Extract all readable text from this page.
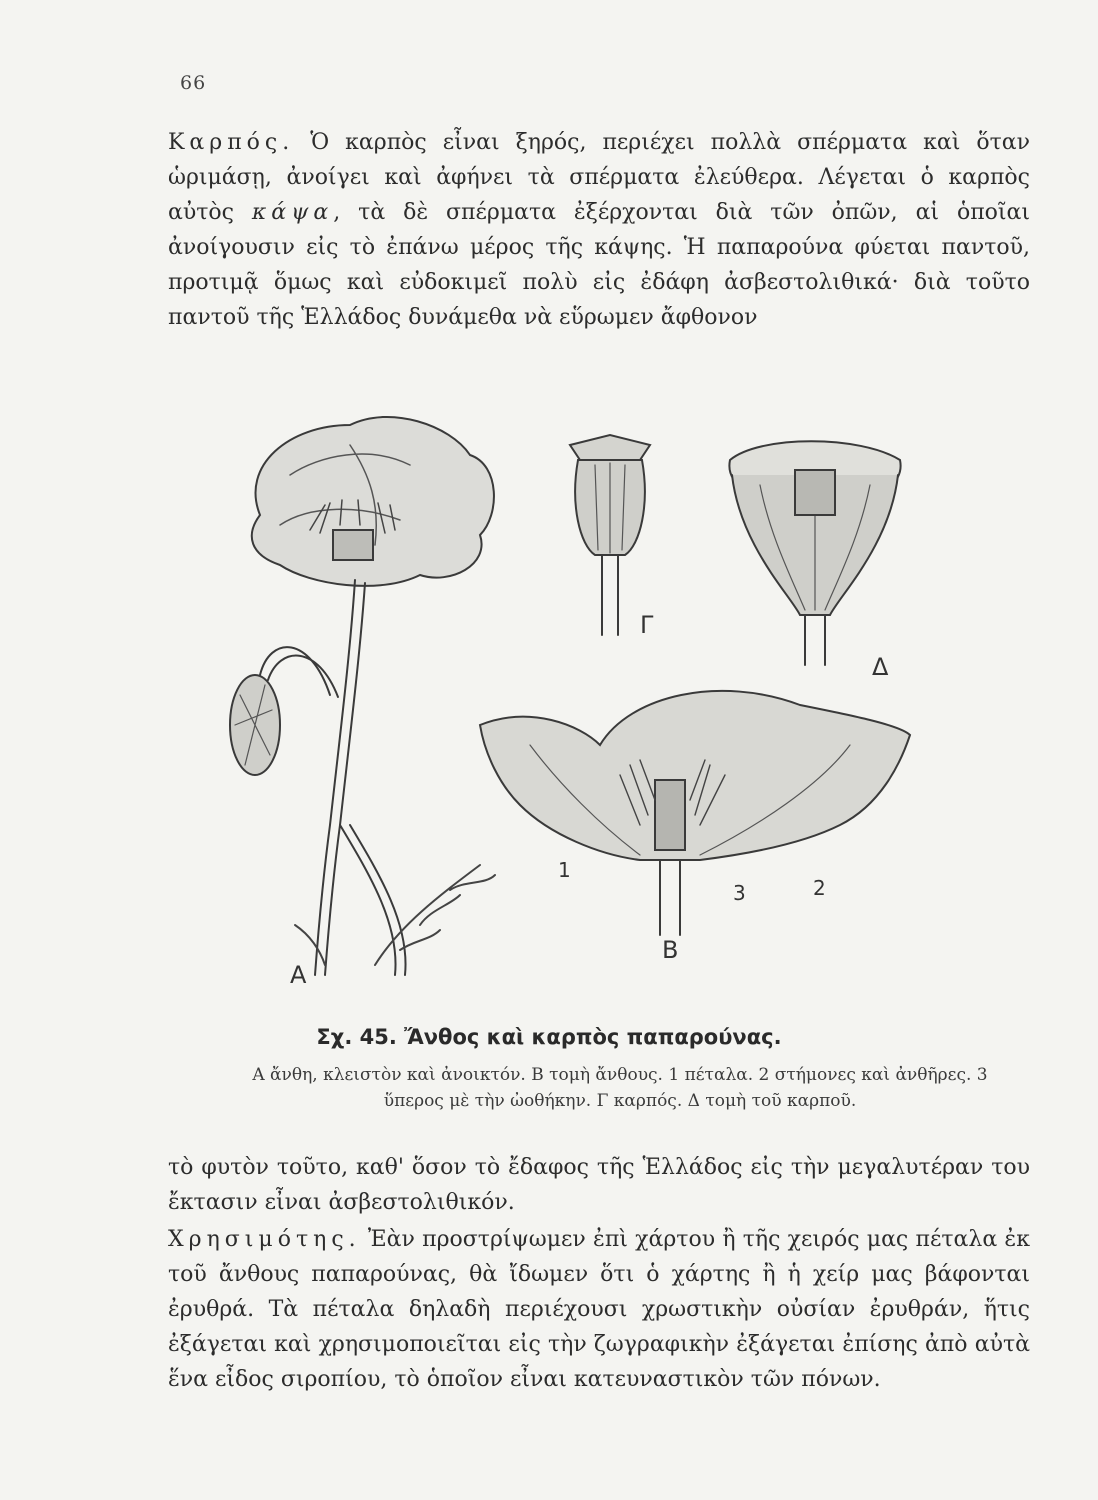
66

Καρπός. Ὁ καρπὸς εἶναι ξηρός, περιέχει πολλὰ σπέρματα καὶ ὅταν ὡριμάσῃ, ἀνοίγει καὶ ἀφήνει τὰ σπέρματα ἐλεύθερα. Λέγεται ὁ καρπὸς αὐτὸς κάψα, τὰ δὲ σπέρματα ἐξέρχονται διὰ τῶν ὀπῶν, αἱ ὁποῖαι ἀνοίγουσιν εἰς τὸ ἐπάνω μέρος τῆς κάψης. Ἡ παπαρούνα φύεται παντοῦ, προτιμᾷ ὅμως καὶ εὐδοκιμεῖ πολὺ εἰς ἐδάφη ἀσβεστολιθικά· διὰ τοῦτο παντοῦ τῆς Ἑλλάδος δυνάμεθα νὰ εὕρωμεν ἄφθονον

Α
Β
Γ
Δ
1
2
3
Σχ. 45. Ἄνθος καὶ καρπὸς παπαρούνας.
Α ἄνθη, κλειστὸν καὶ ἀνοικτόν. Β τομὴ ἄνθους. 1 πέταλα. 2 στήμονες καὶ ἀνθῆρες. 3 ὕπερος μὲ τὴν ὠοθήκην. Γ καρπός. Δ τομὴ τοῦ καρποῦ.

τὸ φυτὸν τοῦτο, καθ' ὅσον τὸ ἔδαφος τῆς Ἑλλάδος εἰς τὴν μεγαλυτέραν του ἔκτασιν εἶναι ἀσβεστολιθικόν.

Χρησιμότης. Ἐὰν προστρίψωμεν ἐπὶ χάρτου ἢ τῆς χειρός μας πέταλα ἐκ τοῦ ἄνθους παπαρούνας, θὰ ἴδωμεν ὅτι ὁ χάρτης ἢ ἡ χείρ μας βάφονται ἐρυθρά. Τὰ πέταλα δηλαδὴ περιέχουσι χρωστικὴν οὐσίαν ἐρυθράν, ἥτις ἐξάγεται καὶ χρησιμοποιεῖται εἰς τὴν ζωγραφικὴν ἐξάγεται ἐπίσης ἀπὸ αὐτὰ ἕνα εἶδος σιροπίου, τὸ ὁποῖον εἶναι κατευναστικὸν τῶν πόνων.
